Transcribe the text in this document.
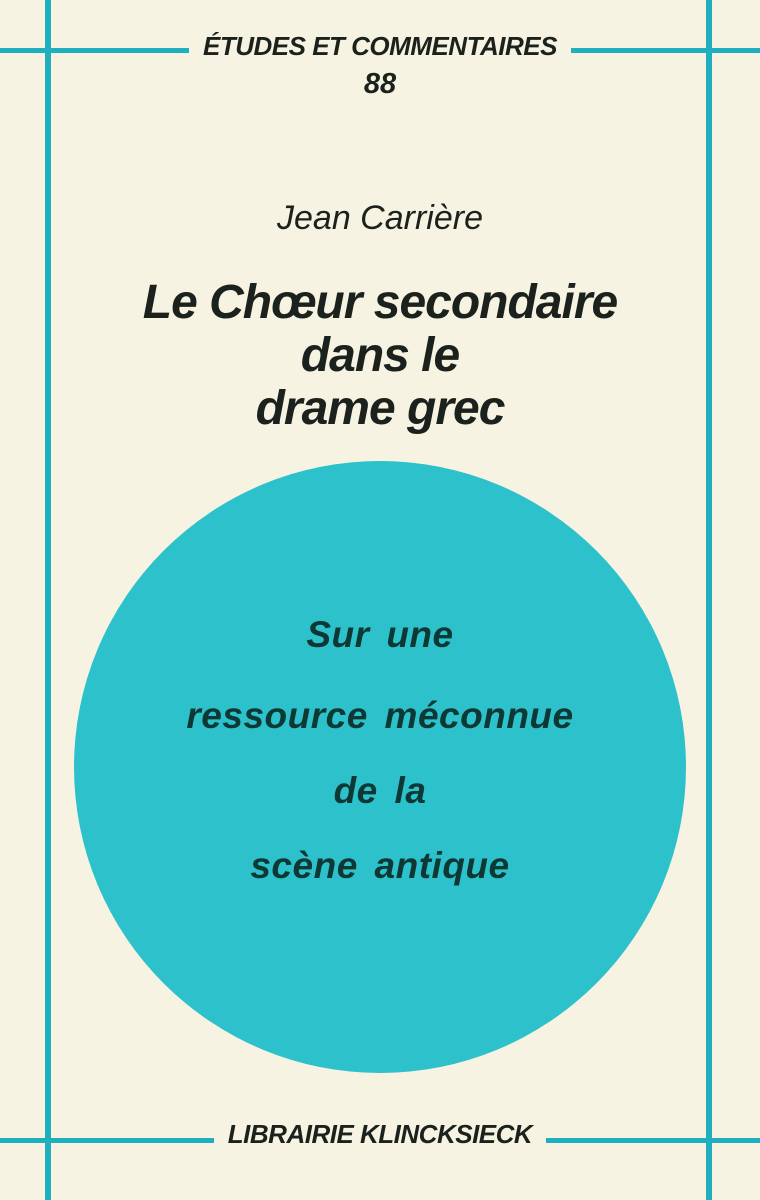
ÉTUDES ET COMMENTAIRES
88
Jean Carrière
Le Chœur secondaire
dans le
drame grec
Sur une
ressource méconnue
de la
scène antique
LIBRAIRIE KLINCKSIECK
